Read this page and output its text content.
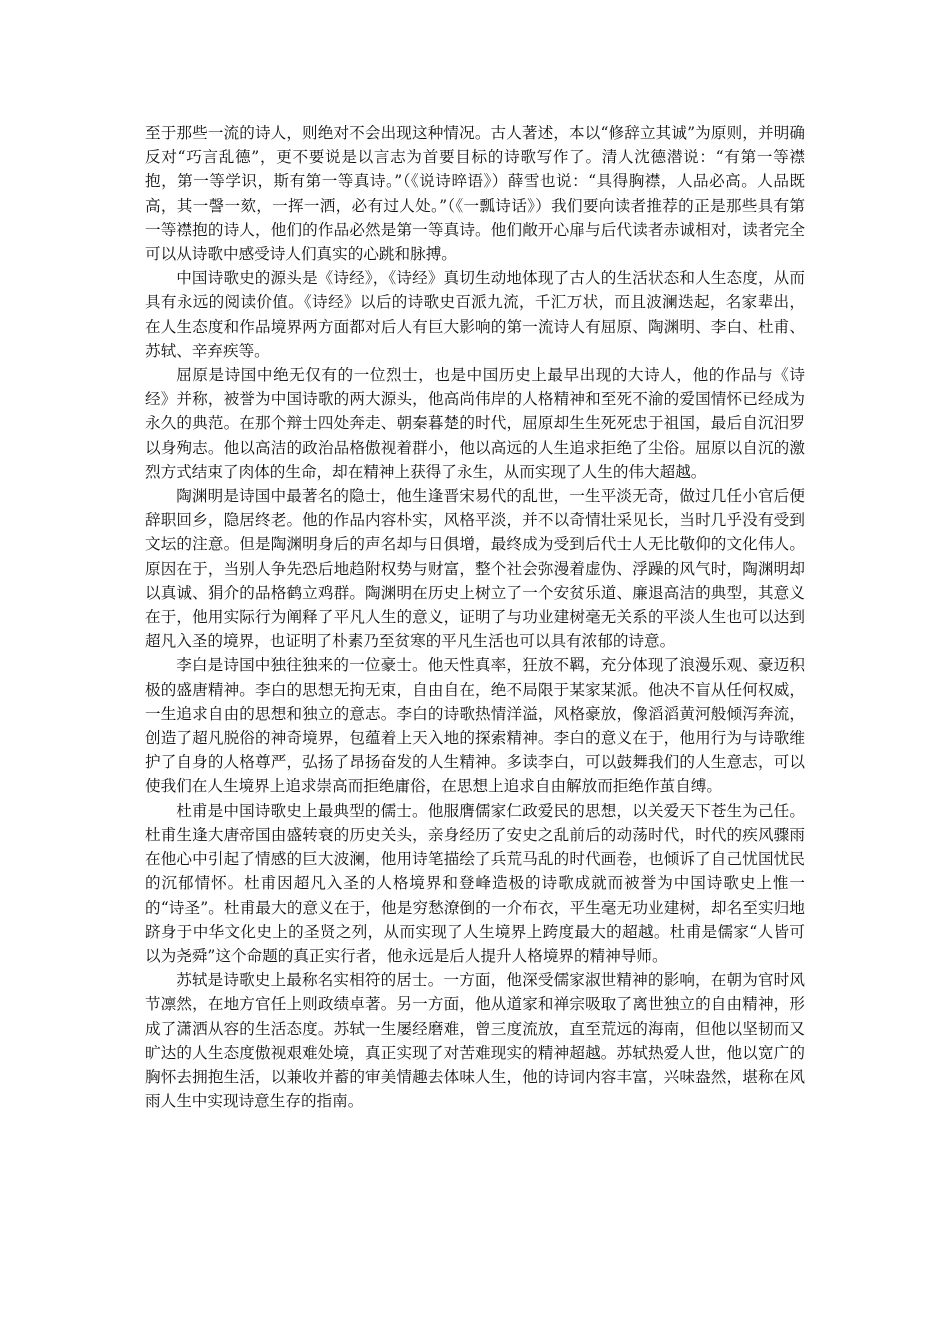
至于那些一流的诗人，则绝对不会出现这种情况。古人著述，本以“修辞立其诚”为原则，并明确反对“巧言乱德”，更不要说是以言志为首要目标的诗歌写作了。清人沈德潜说：“有第一等襟抱，第一等学识，斯有第一等真诗。”（《说诗晬语》）薛雪也说：“具得胸襟，人品必高。人品既高，其一謦一欬，一挥一洒，必有过人处。”（《一瓢诗话》）我们要向读者推荐的正是那些具有第一等襟抱的诗人，他们的作品必然是第一等真诗。他们敞开心扉与后代读者赤诚相对，读者完全可以从诗歌中感受诗人们真实的心跳和脉搏。

中国诗歌史的源头是《诗经》，《诗经》真切生动地体现了古人的生活状态和人生态度，从而具有永远的阅读价值。《诗经》以后的诗歌史百派九流，千汇万状，而且波澜迭起，名家辈出，在人生态度和作品境界两方面都对后人有巨大影响的第一流诗人有屈原、陶渊明、李白、杜甫、苏轼、辛弃疾等。

屈原是诗国中绝无仅有的一位烈士，也是中国历史上最早出现的大诗人，他的作品与《诗经》并称，被誉为中国诗歌的两大源头，他高尚伟岸的人格精神和至死不渝的爱国情怀已经成为永久的典范。在那个辩士四处奔走、朝秦暮楚的时代，屈原却生生死死忠于祖国，最后自沉汨罗以身殉志。他以高洁的政治品格傲视着群小，他以高远的人生追求拒绝了尘俗。屈原以自沉的激烈方式结束了肉体的生命，却在精神上获得了永生，从而实现了人生的伟大超越。

陶渊明是诗国中最著名的隐士，他生逢晋宋易代的乱世，一生平淡无奇，做过几任小官后便辞职回乡，隐居终老。他的作品内容朴实，风格平淡，并不以奇情壮采见长，当时几乎没有受到文坛的注意。但是陶渊明身后的声名却与日俱增，最终成为受到后代士人无比敬仰的文化伟人。原因在于，当别人争先恐后地趋附权势与财富，整个社会弥漫着虚伪、浮躁的风气时，陶渊明却以真诚、狷介的品格鹤立鸡群。陶渊明在历史上树立了一个安贫乐道、廉退高洁的典型，其意义在于，他用实际行为阐释了平凡人生的意义，证明了与功业建树毫无关系的平淡人生也可以达到超凡入圣的境界，也证明了朴素乃至贫寒的平凡生活也可以具有浓郁的诗意。

李白是诗国中独往独来的一位豪士。他天性真率，狂放不羁，充分体现了浪漫乐观、豪迈积极的盛唐精神。李白的思想无拘无束，自由自在，绝不局限于某家某派。他决不盲从任何权威，一生追求自由的思想和独立的意志。李白的诗歌热情洋溢，风格豪放，像滔滔黄河般倾泻奔流，创造了超凡脱俗的神奇境界，包蕴着上天入地的探索精神。李白的意义在于，他用行为与诗歌维护了自身的人格尊严，弘扬了昂扬奋发的人生精神。多读李白，可以鼓舞我们的人生意志，可以使我们在人生境界上追求崇高而拒绝庸俗，在思想上追求自由解放而拒绝作茧自缚。

杜甫是中国诗歌史上最典型的儒士。他服膺儒家仁政爱民的思想，以关爱天下苍生为己任。杜甫生逢大唐帝国由盛转衰的历史关头，亲身经历了安史之乱前后的动荡时代，时代的疾风骤雨在他心中引起了情感的巨大波澜，他用诗笔描绘了兵荒马乱的时代画卷，也倾诉了自己忧国忧民的沉郁情怀。杜甫因超凡入圣的人格境界和登峰造极的诗歌成就而被誉为中国诗歌史上惟一的“诗圣”。杜甫最大的意义在于，他是穷愁潦倒的一介布衣，平生毫无功业建树，却名至实归地跻身于中华文化史上的圣贤之列，从而实现了人生境界上跨度最大的超越。杜甫是儒家“人皆可以为尧舜”这个命题的真正实行者，他永远是后人提升人格境界的精神导师。

苏轼是诗歌史上最称名实相符的居士。一方面，他深受儒家淑世精神的影响，在朝为官时风节凛然，在地方官任上则政绩卓著。另一方面，他从道家和禅宗吸取了离世独立的自由精神，形成了潇洒从容的生活态度。苏轼一生屡经磨难，曾三度流放，直至荒远的海南，但他以坚韧而又旷达的人生态度傲视艰难处境，真正实现了对苦难现实的精神超越。苏轼热爱人世，他以宽广的胸怀去拥抱生活，以兼收并蓄的审美情趣去体味人生，他的诗词内容丰富，兴味盎然，堪称在风雨人生中实现诗意生存的指南。
